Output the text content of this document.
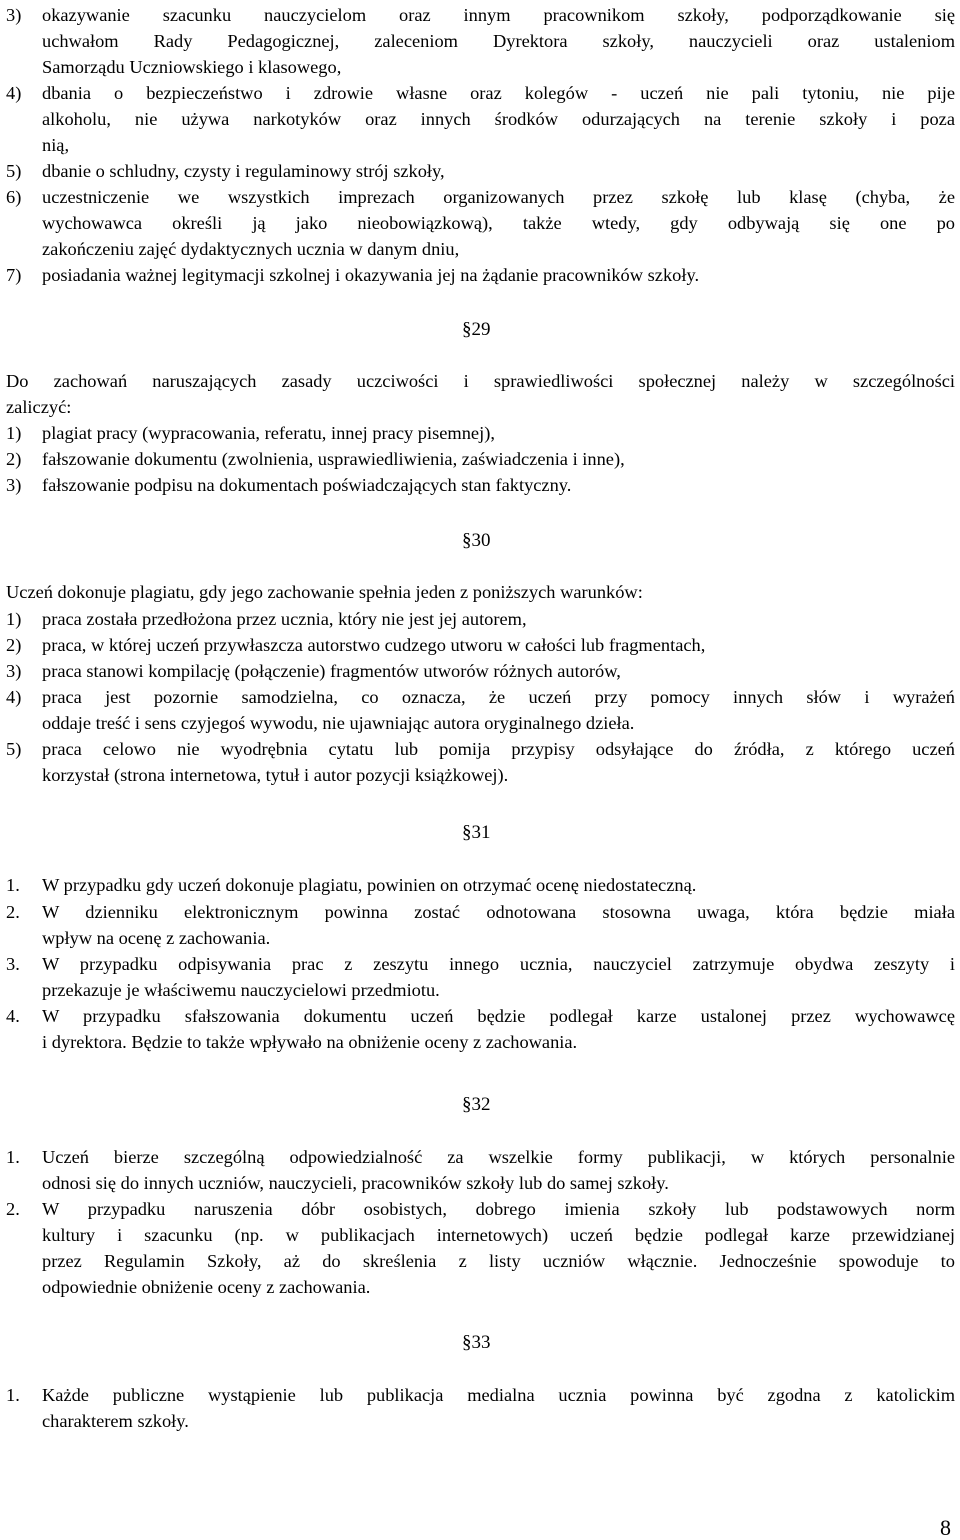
3) okazywanie szacunku nauczycielom oraz innym pracownikom szkoły, podporządkowanie się
uchwałom Rady Pedagogicznej, zaleceniom Dyrektora szkoły, nauczycieli oraz ustaleniom
Samorządu Uczniowskiego i klasowego,
4) dbania o bezpieczeństwo i zdrowie własne oraz kolegów - uczeń nie pali tytoniu, nie pije
alkoholu, nie używa narkotyków oraz innych środków odurzających na terenie szkoły i poza
nią,
5) dbanie o schludny, czysty i regulaminowy strój szkoły,
6) uczestniczenie we wszystkich imprezach organizowanych przez szkołę lub klasę (chyba, że
wychowawca określi ją jako nieobowiązkową), także wtedy, gdy odbywają się one po
zakończeniu zajęć dydaktycznych ucznia w danym dniu,
7) posiadania ważnej legitymacji szkolnej i okazywania jej na żądanie pracowników szkoły.
§29
Do zachowań naruszających zasady uczciwości i sprawiedliwości społecznej należy w szczególności
zaliczyć:
1) plagiat pracy (wypracowania, referatu, innej pracy pisemnej),
2) fałszowanie dokumentu (zwolnienia, usprawiedliwienia, zaświadczenia i inne),
3) fałszowanie podpisu na dokumentach poświadczających stan faktyczny.
§30
Uczeń dokonuje plagiatu, gdy jego zachowanie spełnia jeden z poniższych warunków:
1) praca została przedłożona przez ucznia, który nie jest jej autorem,
2) praca, w której uczeń przywłaszcza autorstwo cudzego utworu w całości lub fragmentach,
3) praca stanowi kompilację (połączenie) fragmentów utworów różnych autorów,
4) praca jest pozornie samodzielna, co oznacza, że uczeń przy pomocy innych słów i wyrażeń
oddaje treść i sens czyjegoś wywodu, nie ujawniając autora oryginalnego dzieła.
5) praca celowo nie wyodrębnia cytatu lub pomija przypisy odsyłające do źródła, z którego uczeń
korzystał (strona internetowa, tytuł i autor pozycji książkowej).
§31
1. W przypadku gdy uczeń dokonuje plagiatu, powinien on otrzymać ocenę niedostateczną.
2. W dzienniku elektronicznym powinna zostać odnotowana stosowna uwaga, która będzie miała
wpływ na ocenę z zachowania.
3. W przypadku odpisywania prac z zeszytu innego ucznia, nauczyciel zatrzymuje obydwa zeszyty i
przekazuje je właściwemu nauczycielowi przedmiotu.
4. W przypadku sfałszowania dokumentu uczeń będzie podlegał karze ustalonej przez wychowawcę
i dyrektora. Będzie to także wpływało na obniżenie oceny z zachowania.
§32
1. Uczeń bierze szczególną odpowiedzialność za wszelkie formy publikacji, w których personalnie
odnosi się do innych uczniów, nauczycieli, pracowników szkoły lub do samej szkoły.
2. W przypadku naruszenia dóbr osobistych, dobrego imienia szkoły lub podstawowych norm
kultury i szacunku (np. w publikacjach internetowych) uczeń będzie podlegał karze przewidzianej
przez Regulamin Szkoły, aż do skreślenia z listy uczniów włącznie. Jednocześnie spowoduje to
odpowiednie obniżenie oceny z zachowania.
§33
1. Każde publiczne wystąpienie lub publikacja medialna ucznia powinna być zgodna z katolickim
charakterem szkoły.
8
